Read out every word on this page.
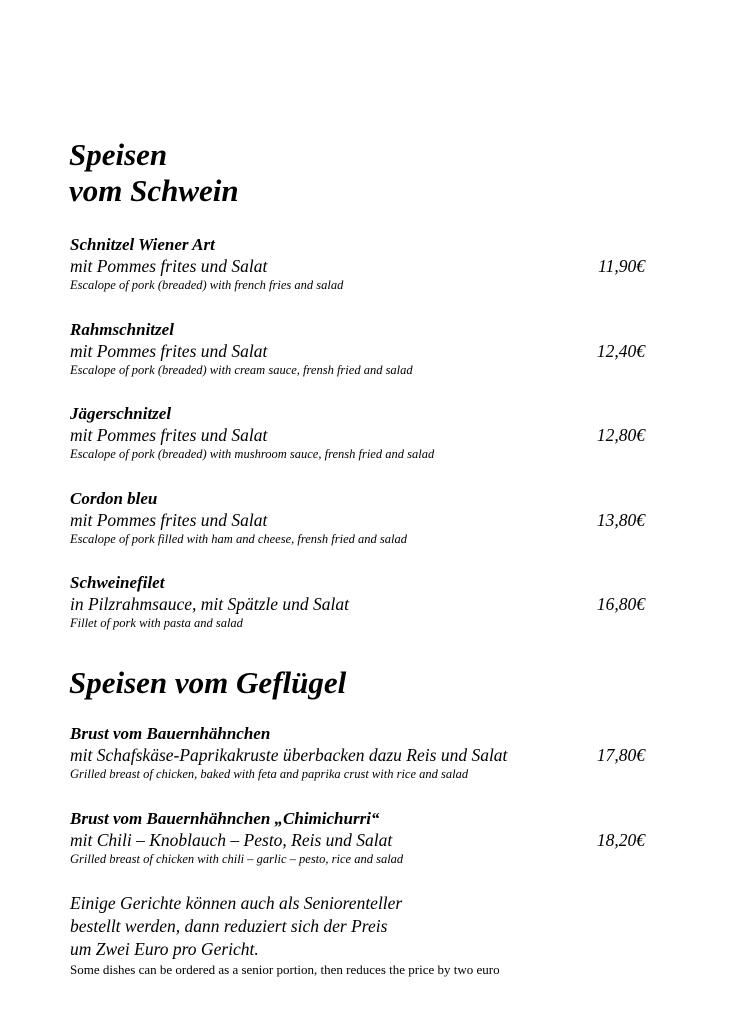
Speisen
vom Schwein
Schnitzel Wiener Art
mit Pommes frites und Salat	11,90€
Escalope of pork (breaded) with french fries and salad
Rahmschnitzel
mit Pommes frites und Salat	12,40€
Escalope of pork (breaded) with cream sauce, frensh fried and salad
Jägerschnitzel
mit Pommes frites und Salat	12,80€
Escalope of pork (breaded) with mushroom sauce, frensh fried and salad
Cordon bleu
mit Pommes frites und Salat	13,80€
Escalope of pork filled with ham and cheese, frensh fried and salad
Schweinefilet
in Pilzrahmsauce, mit Spätzle und Salat	16,80€
Fillet of pork with pasta and salad
Speisen vom Geflügel
Brust vom Bauernhähnchen
mit Schafskäse-Paprikakruste überbacken dazu Reis und Salat	17,80€
Grilled breast of chicken, baked with feta and paprika crust with rice and salad
Brust vom Bauernhähnchen „Chimichurri“
mit Chili – Knoblauch – Pesto, Reis und Salat	18,20€
Grilled breast of chicken with chili – garlic – pesto, rice and salad
Einige Gerichte können auch als Seniorenteller
bestellt werden, dann reduziert sich der Preis
um Zwei Euro pro Gericht.
Some dishes can be ordered as a senior portion, then reduces the price by two euro
